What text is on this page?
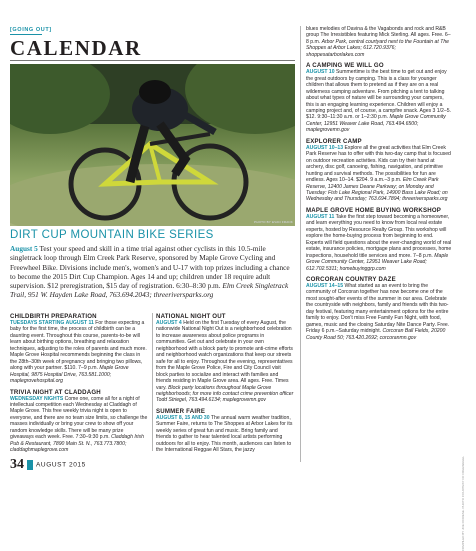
[GOING OUT]
CALENDAR
PHOTO BY EVAN FRANK
DIRT CUP MOUNTAIN BIKE SERIES
August 5 Test your speed and skill in a time trial against other cyclists in this 10.5-mile singletrack loop through Elm Creek Park Reserve, sponsored by Maple Grove Cycling and Freewheel Bike. Divisions include men's, women's and U-17 with top prizes including a chance to become the 2015 Dirt Cup Champion. Ages 14 and up; children under 18 require adult supervision. $12 preregistration, $15 day of registration. 6:30–8:30 p.m. Elm Creek Singletrack Trail, 951 W. Hayden Lake Road, 763.694.2043; threeriversparks.org
CHILDBIRTH PREPARATION

TUESDAYS STARTING AUGUST 11 For those expecting a baby for the first time, the process of childbirth can be a daunting event. Throughout this course, parents-to-be will learn about birthing options, breathing and relaxation techniques, adjusting to the roles of parents and much more. Maple Grove Hospital recommends beginning the class in the 28th–30th week of pregnancy and bringing two pillows, along with your partner. $110. 7–9 p.m. Maple Grove Hospital, 9875 Hospital Drive, 763.581.1000; maplegrovehospital.org

TRIVIA NIGHT AT CLADDAGH

WEDNESDAY NIGHTS Come one, come all for a night of intellectual competition each Wednesday at Claddagh of Maple Grove. This free weekly trivia night is open to everyone, and there are no team size limits, so challenge the masses individually or bring your crew to show off your random knowledge skills. There will be many prize giveaways each week. Free. 7:30–9:30 p.m. Claddagh Irish Pub & Restaurant, 7890 Main St. N., 763.773.7800; claddaghmaplegrove.com

NATIONAL NIGHT OUT

AUGUST 4 Held on the first Tuesday of every August, the nationwide National Night Out is a neighborhood celebration to increase awareness about police programs in communities. Get out and celebrate in your own neighborhood with a block party to promote anti-crime efforts and neighborhood watch organizations that keep our streets safe for all to enjoy. Throughout the evening, representatives from the Maple Grove Police, Fire and City Council visit block parties to socialize and interact with families and friends residing in Maple Grove area. All ages. Free. Times vary. Block party locations throughout Maple Grove neighborhoods; for more info contact crime prevention officer Todd Striegel, 763.494.6134; maplegrovemn.gov

SUMMER FAIRE

AUGUST 8, 15 AND 30 The annual warm weather tradition, Summer Faire, returns to The Shoppes at Arbor Lakes for its weekly series of great fun and music. Bring family and friends to gather to hear talented local artists performing outdoors for all to enjoy. This month, audiences can listen to the International Reggae All Stars, the jazzy

blues melodies of Davina & the Vagabonds and rock and R&B group The Irresistibles featuring Mick Sterling. All ages. Free. 6–8 p.m. Arbor Park, central courtyard next to the Fountain at The Shoppes at Arbor Lakes; 612.720.9376; shoppesatarborlakes.com

A CAMPING WE WILL GO

AUGUST 10 Summertime is the best time to get out and enjoy the great outdoors by camping. This is a class for younger children that allows them to pretend as if they are on a real wilderness camping adventure. From pitching a tent to talking about what types of nature will be surrounding your campers, this is an engaging learning experience. Children will enjoy a camping project and, of course, a campfire snack. Ages 3 1/2–5. $12. 9:30–11:30 a.m. or 1–2:30 p.m. Maple Grove Community Center, 12951 Weaver Lake Road, 763.494.6500; maplegrovemn.gov

EXPLORER CAMP

AUGUST 10–13 Explore all the great activities that Elm Creek Park Reserve has to offer with this two-day camp that is focused on outdoor recreation activities. Kids can try their hand at archery, disc golf, canoeing, fishing, navigation, and primitive hunting and survival methods. The possibilities for fun are endless. Ages 10–14. $204. 9 a.m.–3 p.m. Elm Creek Park Reserve, 12400 James Deane Parkway; on Monday and Tuesday: Fish Lake Regional Park, 14900 Bass Lake Road; on Wednesday and Thursday; 763.694.7894; threeriversparks.org

MAPLE GROVE HOME BUYING WORKSHOP

AUGUST 11 Take the first step toward becoming a homeowner, and learn everything you need to know from local real estate experts, hosted by Resource Realty Group. This workshop will explore the home-buying process from beginning to end. Experts will field questions about the ever-changing world of real estate, insurance policies, mortgage plans and processes, home inspections, household title services and more. 7–8 p.m. Maple Grove Community Center, 12951 Weaver Lake Road; 612.702.5311; homebuyinggrp.com

CORCORAN COUNTRY DAZE

AUGUST 14–15 What started as an event to bring the community of Corcoran together has now become one of the most sought-after events of the summer in our area. Celebrate the countryside with neighbors, family and friends with this two-day festival, featuring many entertainment options for the entire family to enjoy. Don't miss Free Family Fun Night, with food, games, music and the closing Saturday Nite Dance Party. Free. Friday 6 p.m.–Saturday midnight. Corcoran Ball Fields, 20200 County Road 50; 763.420.2692; corcoranmn.gov

COMPILED BY JOE FIORESE. PHOTO COURTESY OF FREEWHEEL
34 AUGUST 2015
